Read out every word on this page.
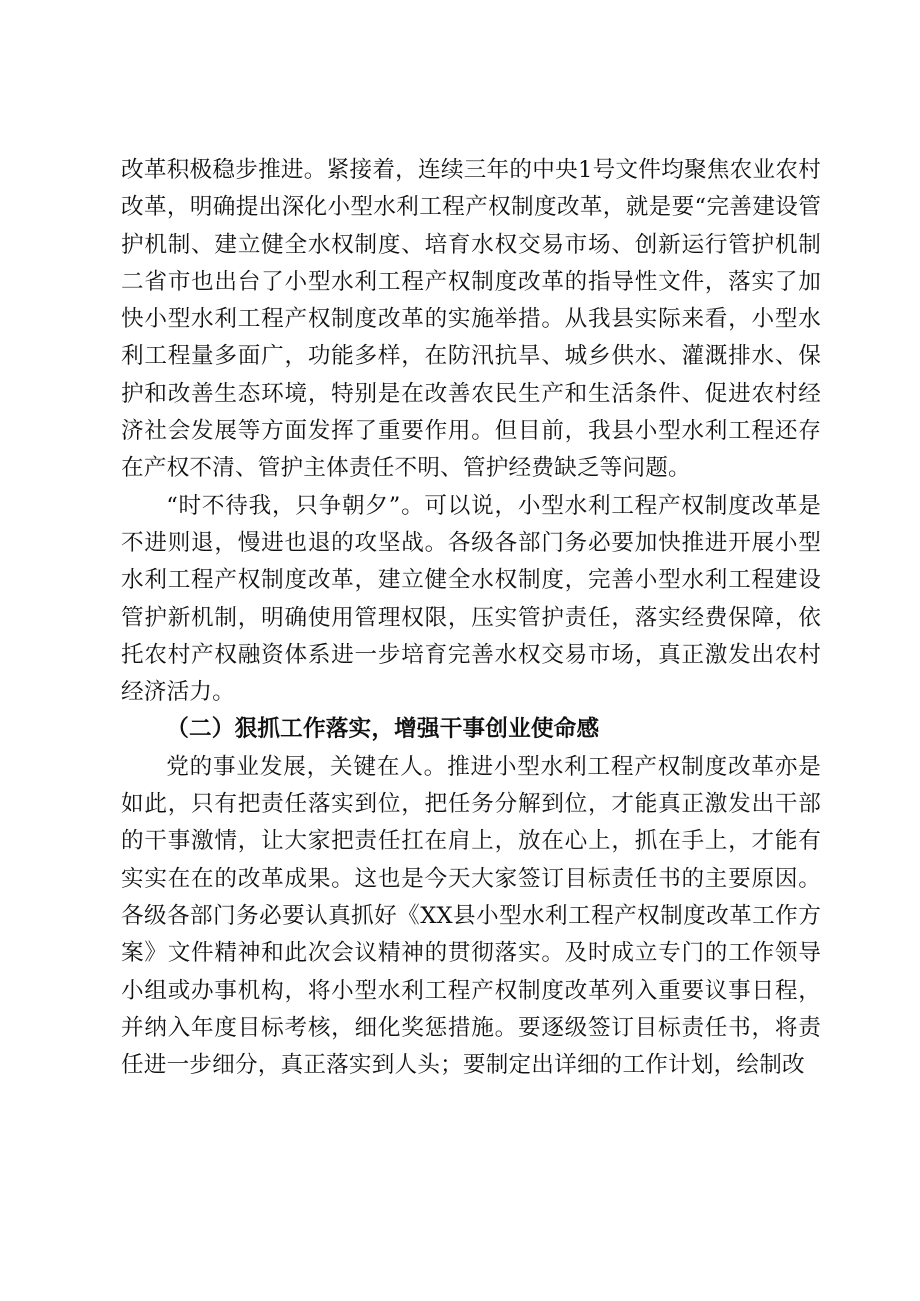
改革积极稳步推进。紧接着，连续三年的中央1号文件均聚焦农业农村改革，明确提出深化小型水利工程产权制度改革，就是要“完善建设管护机制、建立健全水权制度、培育水权交易市场、创新运行管护机制二省市也出台了小型水利工程产权制度改革的指导性文件，落实了加快小型水利工程产权制度改革的实施举措。从我县实际来看，小型水利工程量多面广，功能多样，在防汛抗旱、城乡供水、灌溉排水、保护和改善生态环境，特别是在改善农民生产和生活条件、促进农村经济社会发展等方面发挥了重要作用。但目前，我县小型水利工程还存在产权不清、管护主体责任不明、管护经费缺乏等问题。

“时不待我，只争朝夕”。可以说，小型水利工程产权制度改革是不进则退，慢进也退的攻坚战。各级各部门务必要加快推进开展小型水利工程产权制度改革，建立健全水权制度，完善小型水利工程建设管护新机制，明确使用管理权限，压实管护责任，落实经费保障，依托农村产权融资体系进一步培育完善水权交易市场，真正激发出农村经济活力。

（二）狠抓工作落实，增强干事创业使命感

党的事业发展，关键在人。推进小型水利工程产权制度改革亦是如此，只有把责任落实到位，把任务分解到位，才能真正激发出干部的干事激情，让大家把责任扛在肩上，放在心上，抓在手上，才能有实实在在的改革成果。这也是今天大家签订目标责任书的主要原因。各级各部门务必要认真抓好《XX县小型水利工程产权制度改革工作方案》文件精神和此次会议精神的贯彻落实。及时成立专门的工作领导小组或办事机构，将小型水利工程产权制度改革列入重要议事日程，并纳入年度目标考核，细化奖惩措施。要逐级签订目标责任书，将责任进一步细分，真正落实到人头；要制定出详细的工作计划，绘制改
